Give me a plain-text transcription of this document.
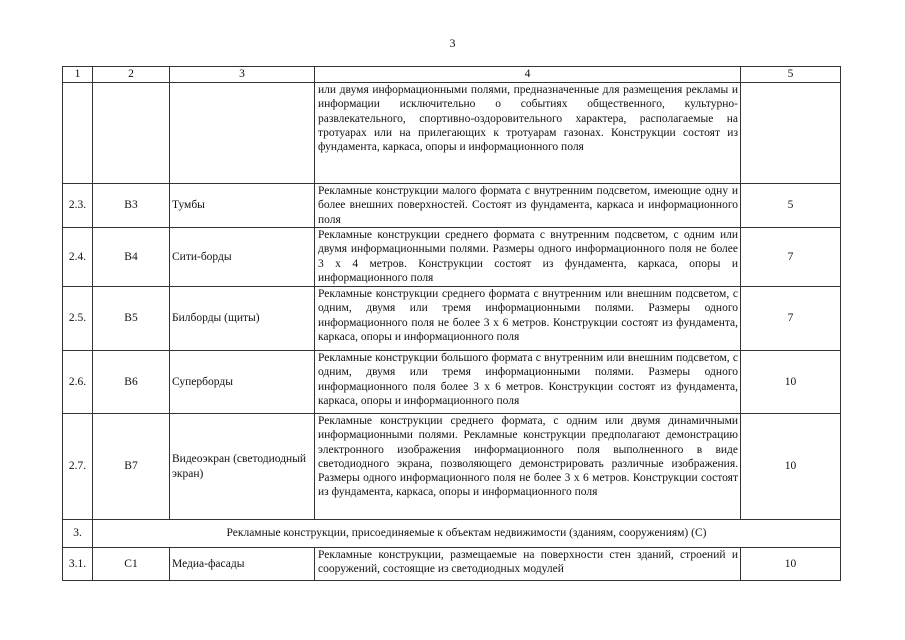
3
1	2	3	4	5
			или двумя информационными полями, предназначенные для размещения рекламы и информации исключительно о событиях общественного, культурно-развлекательного, спортивно-оздоровительного характера, располагаемые на тротуарах или на прилегающих к тротуарам газонах. Конструкции состоят из фундамента, каркаса, опоры и информационного поля	
2.3.	В3	Тумбы	Рекламные конструкции малого формата с внутренним подсветом, имеющие одну и более внешних поверхностей. Состоят из фундамента, каркаса и информационного поля	5
2.4.	В4	Сити-борды	Рекламные конструкции среднего формата с внутренним подсветом, с одним или двумя информационными полями. Размеры одного информационного поля не более 3 х 4 метров. Конструкции состоят из фундамента, каркаса, опоры и информационного поля	7
2.5.	В5	Билборды (щиты)	Рекламные конструкции среднего формата с внутренним или внешним подсветом, с одним, двумя или тремя информационными полями. Размеры одного информационного поля не более 3 х 6 метров. Конструкции состоят из фундамента, каркаса, опоры и информационного поля	7
2.6.	В6	Суперборды	Рекламные конструкции большого формата с внутренним или внешним подсветом, с одним, двумя или тремя информационными полями. Размеры одного информационного поля более 3 х 6 метров. Конструкции состоят из фундамента, каркаса, опоры и информационного поля	10
2.7.	В7	Видеоэкран (светодиодный экран)	Рекламные конструкции среднего формата, с одним или двумя динамичными информационными полями. Рекламные конструкции предполагают демонстрацию электронного изображения информационного поля выполненного в виде светодиодного экрана, позволяющего демонстрировать различные изображения. Размеры одного информационного поля не более 3 х 6 метров. Конструкции состоят из фундамента, каркаса, опоры и информационного поля	10
3.	Рекламные конструкции, присоединяемые к объектам недвижимости (зданиям, сооружениям) (С)			
3.1.	С1	Медиа-фасады	Рекламные конструкции, размещаемые на поверхности стен зданий, строений и сооружений, состоящие из светодиодных модулей	10
